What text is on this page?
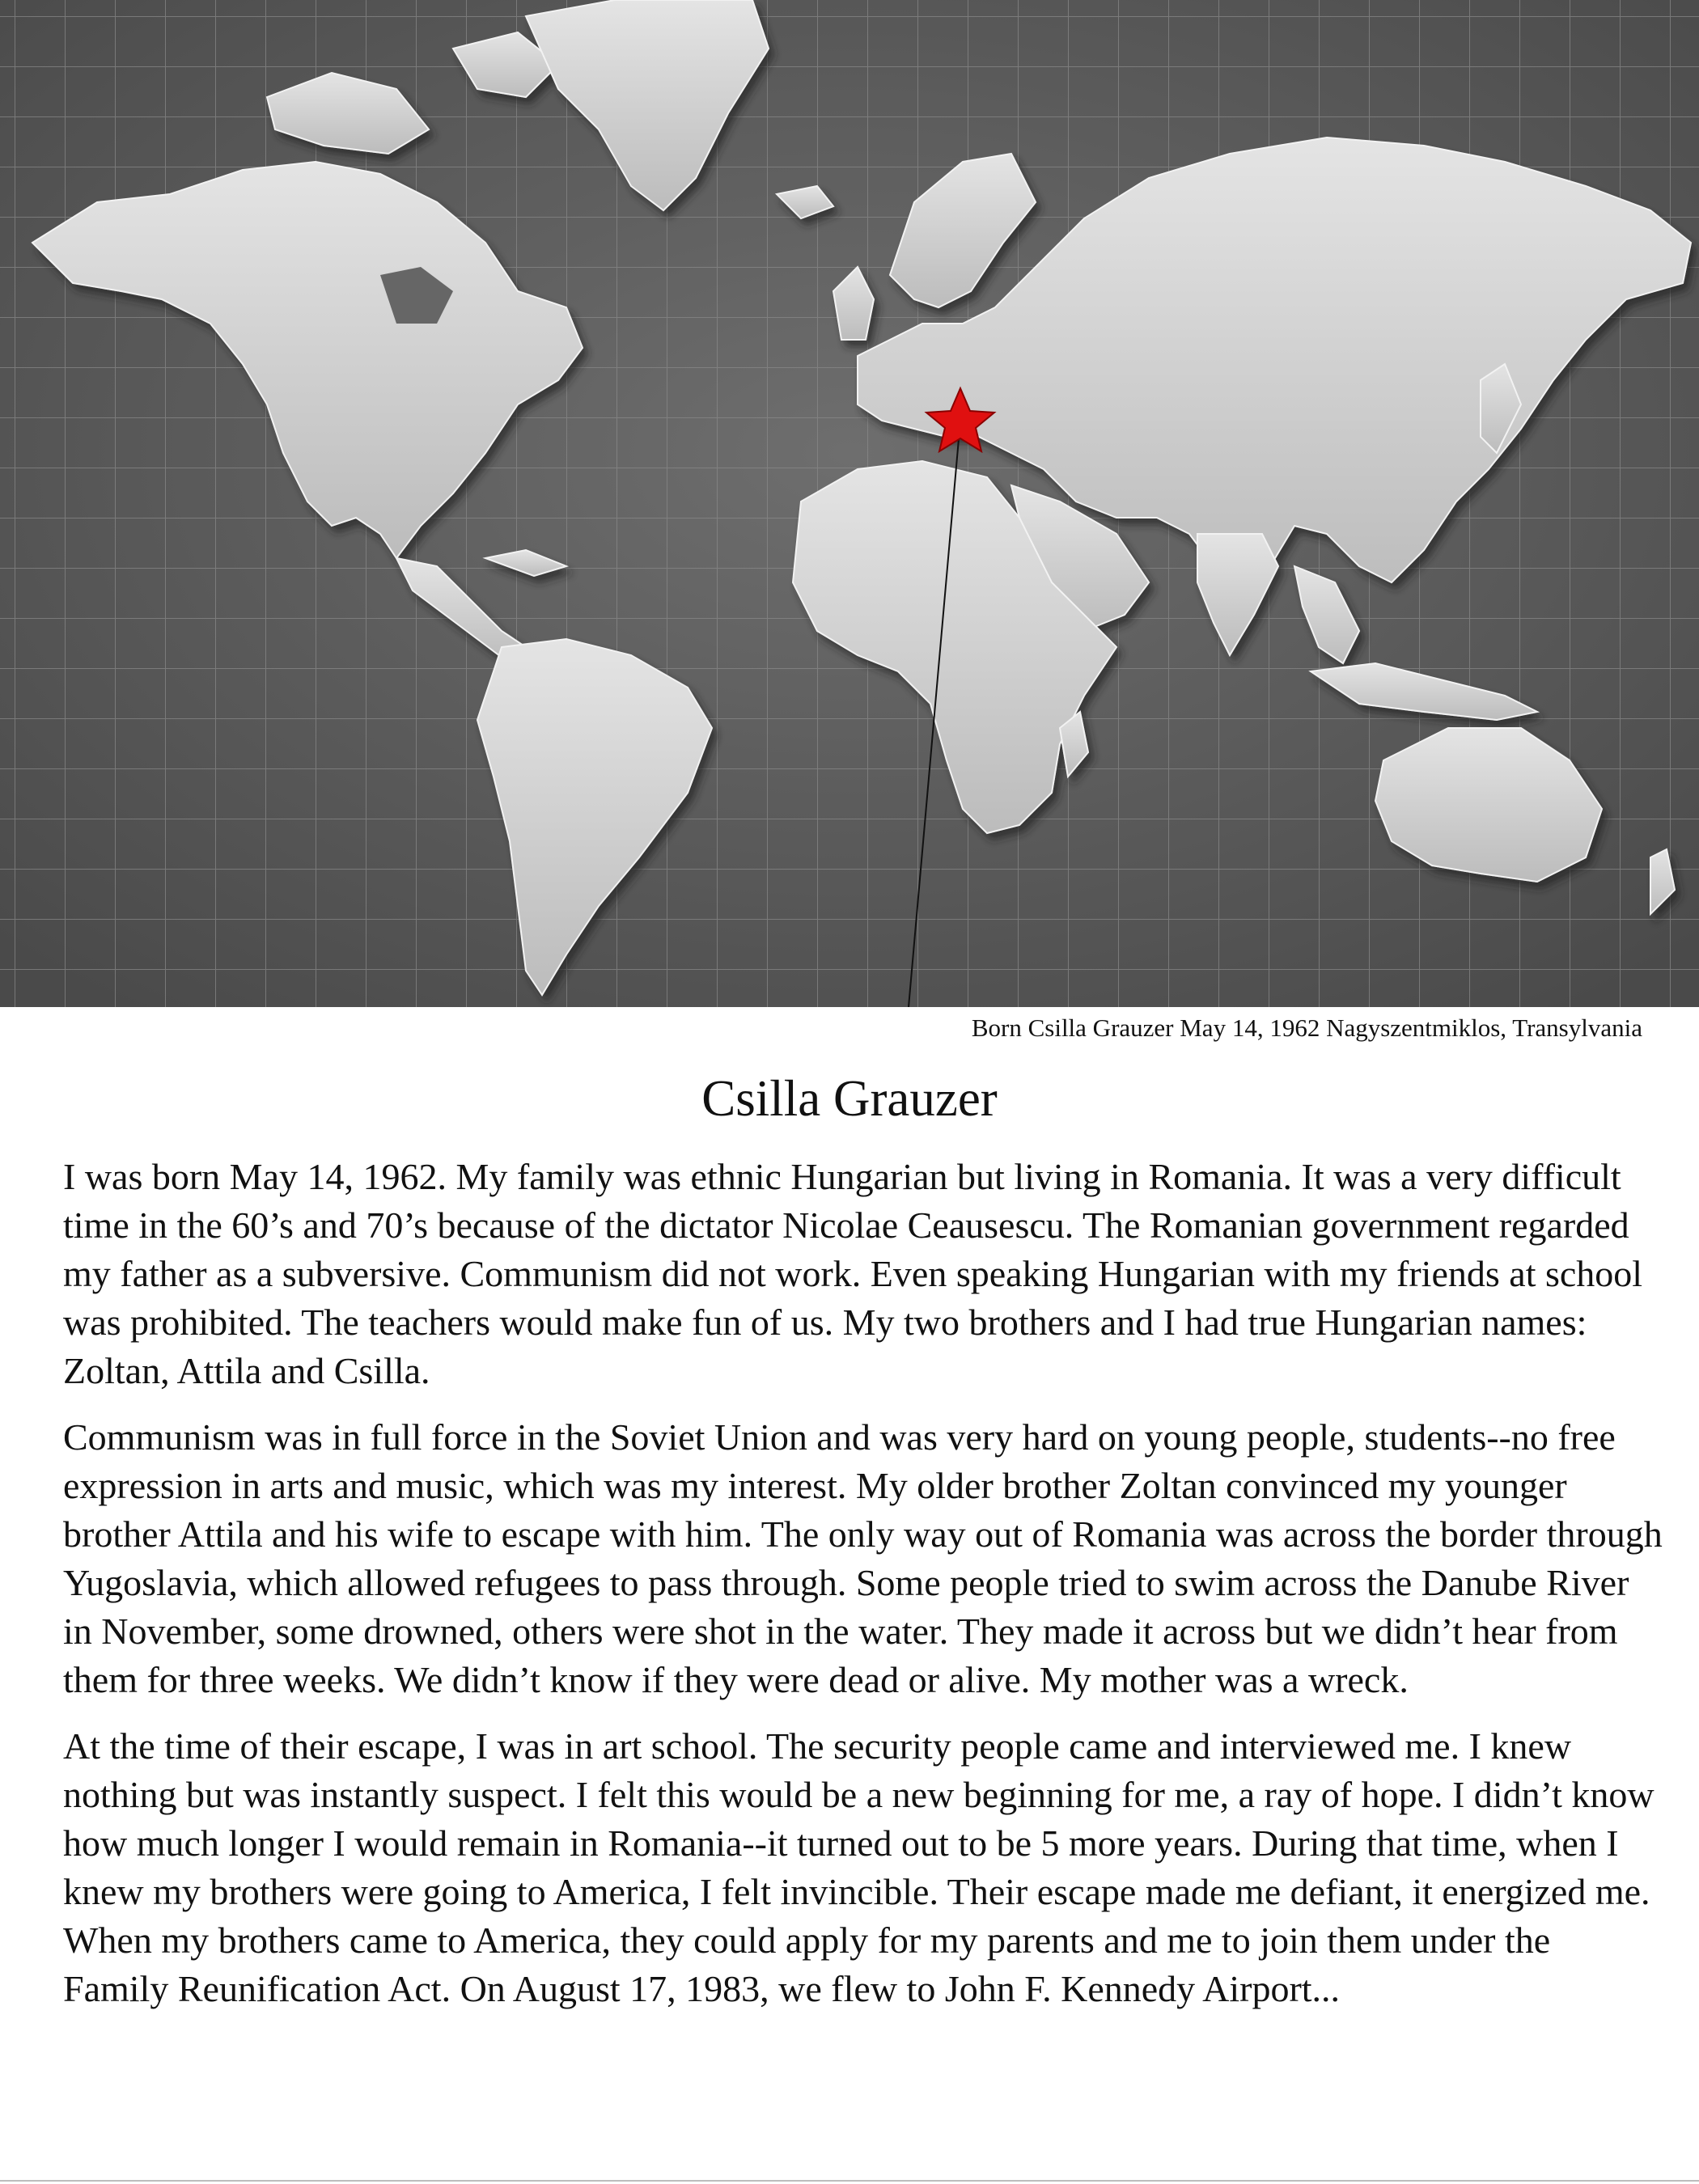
Born Csilla Grauzer May 14, 1962 Nagyszentmiklos, Transylvania
Csilla Grauzer

I was born May 14, 1962. My family was ethnic Hungarian but living in Romania. It was a very difficult time in the 60’s and 70’s because of the dictator Nicolae Ceausescu. The Romanian government regarded my father as a subversive. Communism did not work. Even speaking Hungarian with my friends at school was prohibited. The teachers would make fun of us. My two brothers and I had true Hungarian names: Zoltan, Attila and Csilla.

Communism was in full force in the Soviet Union and was very hard on young people, students--no free expression in arts and music, which was my interest. My older brother Zoltan convinced my younger brother Attila and his wife to escape with him. The only way out of Romania was across the border through Yugoslavia, which allowed refugees to pass through. Some people tried to swim across the Danube River in November, some drowned, others were shot in the water. They made it across but we didn’t hear from them for three weeks. We didn’t know if they were dead or alive. My mother was a wreck.

At the time of their escape, I was in art school. The security people came and interviewed me. I knew nothing but was instantly suspect. I felt this would be a new beginning for me, a ray of hope. I didn’t know how much longer I would remain in Romania--it turned out to be 5 more years. During that time, when I knew my brothers were going to America, I felt invincible. Their escape made me defiant, it energized me. When my brothers came to America, they could apply for my parents and me to join them under the Family Reunification Act. On August 17, 1983, we flew to John F. Kennedy Airport...
